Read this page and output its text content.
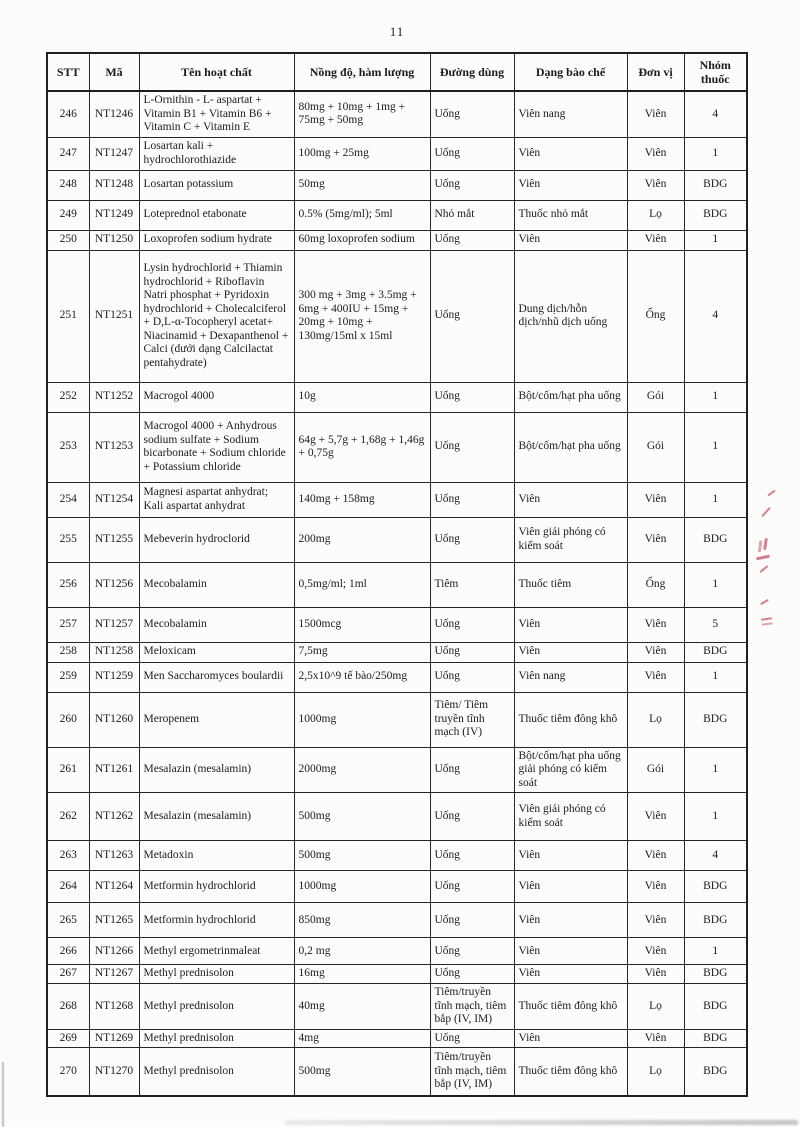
11
STT	Mã	Tên hoạt chất	Nồng độ, hàm lượng	Đường dùng	Dạng bào chế	Đơn vị	Nhóm thuốc
246	NT1246	L-Ornithin - L- aspartat + Vitamin B1 + Vitamin B6 + Vitamin C + Vitamin E	80mg + 10mg + 1mg + 75mg + 50mg	Uống	Viên nang	Viên	4
247	NT1247	Losartan kali + hydrochlorothiazide	100mg + 25mg	Uống	Viên	Viên	1
248	NT1248	Losartan potassium	50mg	Uống	Viên	Viên	BDG
249	NT1249	Loteprednol etabonate	0.5% (5mg/ml); 5ml	Nhỏ mắt	Thuốc nhỏ mắt	Lọ	BDG
250	NT1250	Loxoprofen sodium hydrate	60mg loxoprofen sodium	Uống	Viên	Viên	1
251	NT1251	Lysin hydrochlorid + Thiamin hydrochlorid + Riboflavin Natri phosphat + Pyridoxin hydrochlorid + Cholecalciferol + D,L-α-Tocopheryl acetat+ Niacinamid + Dexapanthenol + Calci (dưới dạng Calcilactat pentahydrate)	300 mg + 3mg + 3.5mg + 6mg + 400IU + 15mg + 20mg + 10mg + 130mg/15ml x 15ml	Uống	Dung dịch/hỗn dịch/nhũ dịch uống	Ống	4
252	NT1252	Macrogol 4000	10g	Uống	Bột/cốm/hạt pha uống	Gói	1
253	NT1253	Macrogol 4000 + Anhydrous sodium sulfate + Sodium bicarbonate + Sodium chloride + Potassium chloride	64g + 5,7g + 1,68g + 1,46g + 0,75g	Uống	Bột/cốm/hạt pha uống	Gói	1
254	NT1254	Magnesi aspartat anhydrat; Kali aspartat anhydrat	140mg + 158mg	Uống	Viên	Viên	1
255	NT1255	Mebeverin hydroclorid	200mg	Uống	Viên giải phóng có kiểm soát	Viên	BDG
256	NT1256	Mecobalamin	0,5mg/ml; 1ml	Tiêm	Thuốc tiêm	Ống	1
257	NT1257	Mecobalamin	1500mcg	Uống	Viên	Viên	5
258	NT1258	Meloxicam	7,5mg	Uống	Viên	Viên	BDG
259	NT1259	Men Saccharomyces boulardii	2,5x10^9 tế bào/250mg	Uống	Viên nang	Viên	1
260	NT1260	Meropenem	1000mg	Tiêm/ Tiêm truyền tĩnh mạch (IV)	Thuốc tiêm đông khô	Lọ	BDG
261	NT1261	Mesalazin (mesalamin)	2000mg	Uống	Bột/cốm/hạt pha uống giải phóng có kiểm soát	Gói	1
262	NT1262	Mesalazin (mesalamin)	500mg	Uống	Viên giải phóng có kiểm soát	Viên	1
263	NT1263	Metadoxin	500mg	Uống	Viên	Viên	4
264	NT1264	Metformin hydrochlorid	1000mg	Uống	Viên	Viên	BDG
265	NT1265	Metformin hydrochlorid	850mg	Uống	Viên	Viên	BDG
266	NT1266	Methyl ergometrinmaleat	0,2 mg	Uống	Viên	Viên	1
267	NT1267	Methyl prednisolon	16mg	Uống	Viên	Viên	BDG
268	NT1268	Methyl prednisolon	40mg	Tiêm/truyền tĩnh mạch, tiêm bắp (IV, IM)	Thuốc tiêm đông khô	Lọ	BDG
269	NT1269	Methyl prednisolon	4mg	Uống	Viên	Viên	BDG
270	NT1270	Methyl prednisolon	500mg	Tiêm/truyền tĩnh mạch, tiêm bắp (IV, IM)	Thuốc tiêm đông khô	Lọ	BDG
